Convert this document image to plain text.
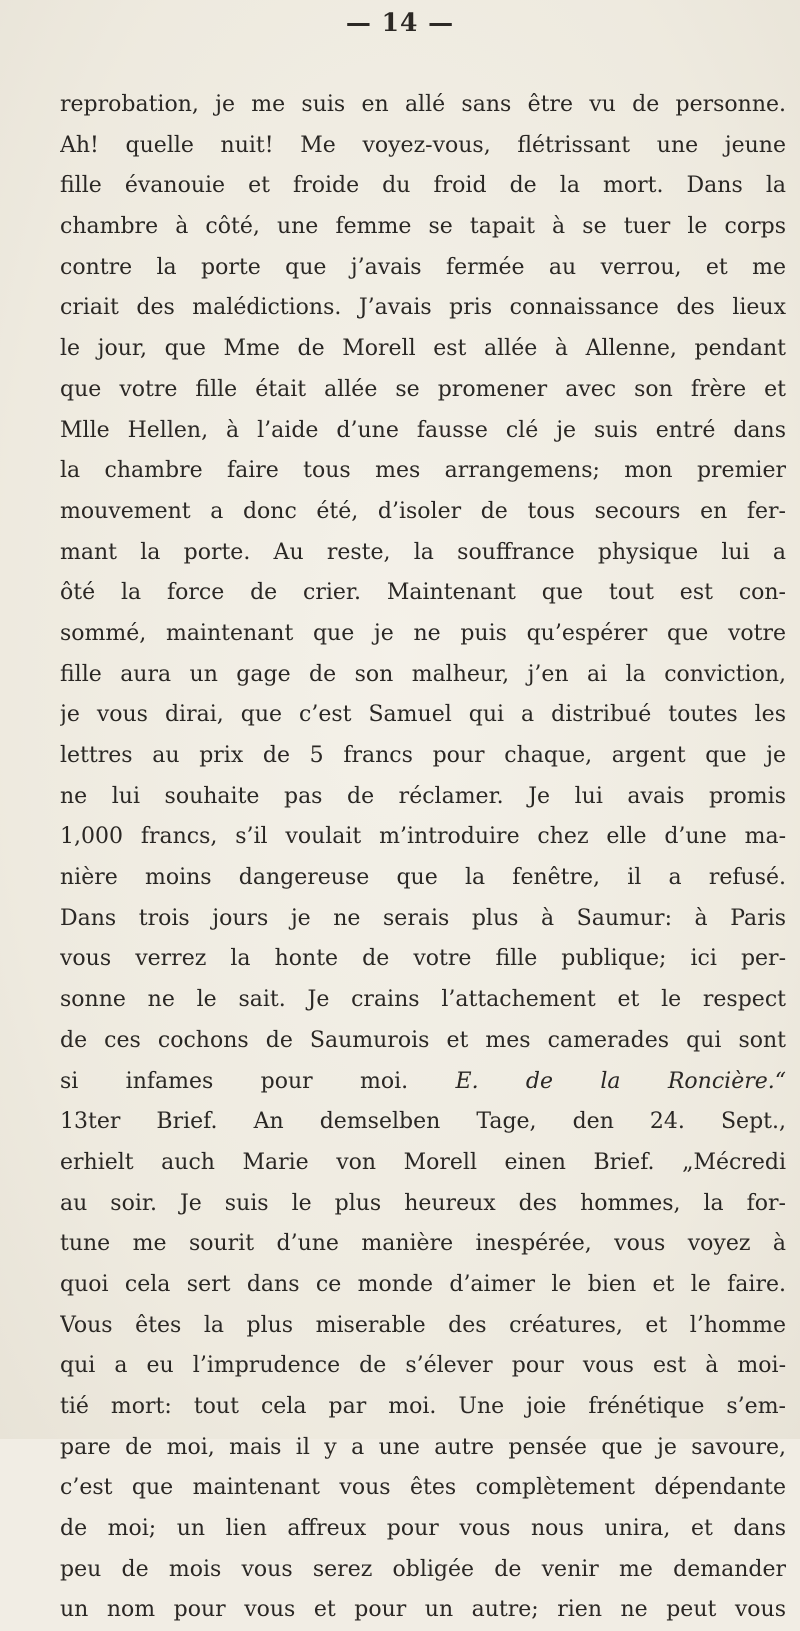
— 14 —
reprobation, je me suis en allé sans être vu de personne.
Ah! quelle nuit! Me voyez-vous, flétrissant une jeune
fille évanouie et froide du froid de la mort. Dans la
chambre à côté, une femme se tapait à se tuer le corps
contre la porte que j’avais fermée au verrou, et me
criait des malédictions. J’avais pris connaissance des lieux
le jour, que Mme de Morell est allée à Allenne, pendant
que votre fille était allée se promener avec son frère et
Mlle Hellen, à l’aide d’une fausse clé je suis entré dans
la chambre faire tous mes arrangemens; mon premier
mouvement a donc été, d’isoler de tous secours en fer-
mant la porte. Au reste, la souffrance physique lui a
ôté la force de crier. Maintenant que tout est con-
sommé, maintenant que je ne puis qu’espérer que votre
fille aura un gage de son malheur, j’en ai la conviction,
je vous dirai, que c’est Samuel qui a distribué toutes les
lettres au prix de 5 francs pour chaque, argent que je
ne lui souhaite pas de réclamer. Je lui avais promis
1,000 francs, s’il voulait m’introduire chez elle d’une ma-
nière moins dangereuse que la fenêtre, il a refusé.
Dans trois jours je ne serais plus à Saumur: à Paris
vous verrez la honte de votre fille publique; ici per-
sonne ne le sait. Je crains l’attachement et le respect
de ces cochons de Saumurois et mes camerades qui sont
si infames pour moi. E. de la Roncière.“
13ter Brief. An demselben Tage, den 24. Sept.,
erhielt auch Marie von Morell einen Brief. „Mécredi
au soir. Je suis le plus heureux des hommes, la for-
tune me sourit d’une manière inespérée, vous voyez à
quoi cela sert dans ce monde d’aimer le bien et le faire.
Vous êtes la plus miserable des créatures, et l’homme
qui a eu l’imprudence de s’élever pour vous est à moi-
tié mort: tout cela par moi. Une joie frénétique s’em-
pare de moi, mais il y a une autre pensée que je savoure,
c’est que maintenant vous êtes complètement dépendante
de moi; un lien affreux pour vous nous unira, et dans
peu de mois vous serez obligée de venir me demander
un nom pour vous et pour un autre; rien ne peut vous
